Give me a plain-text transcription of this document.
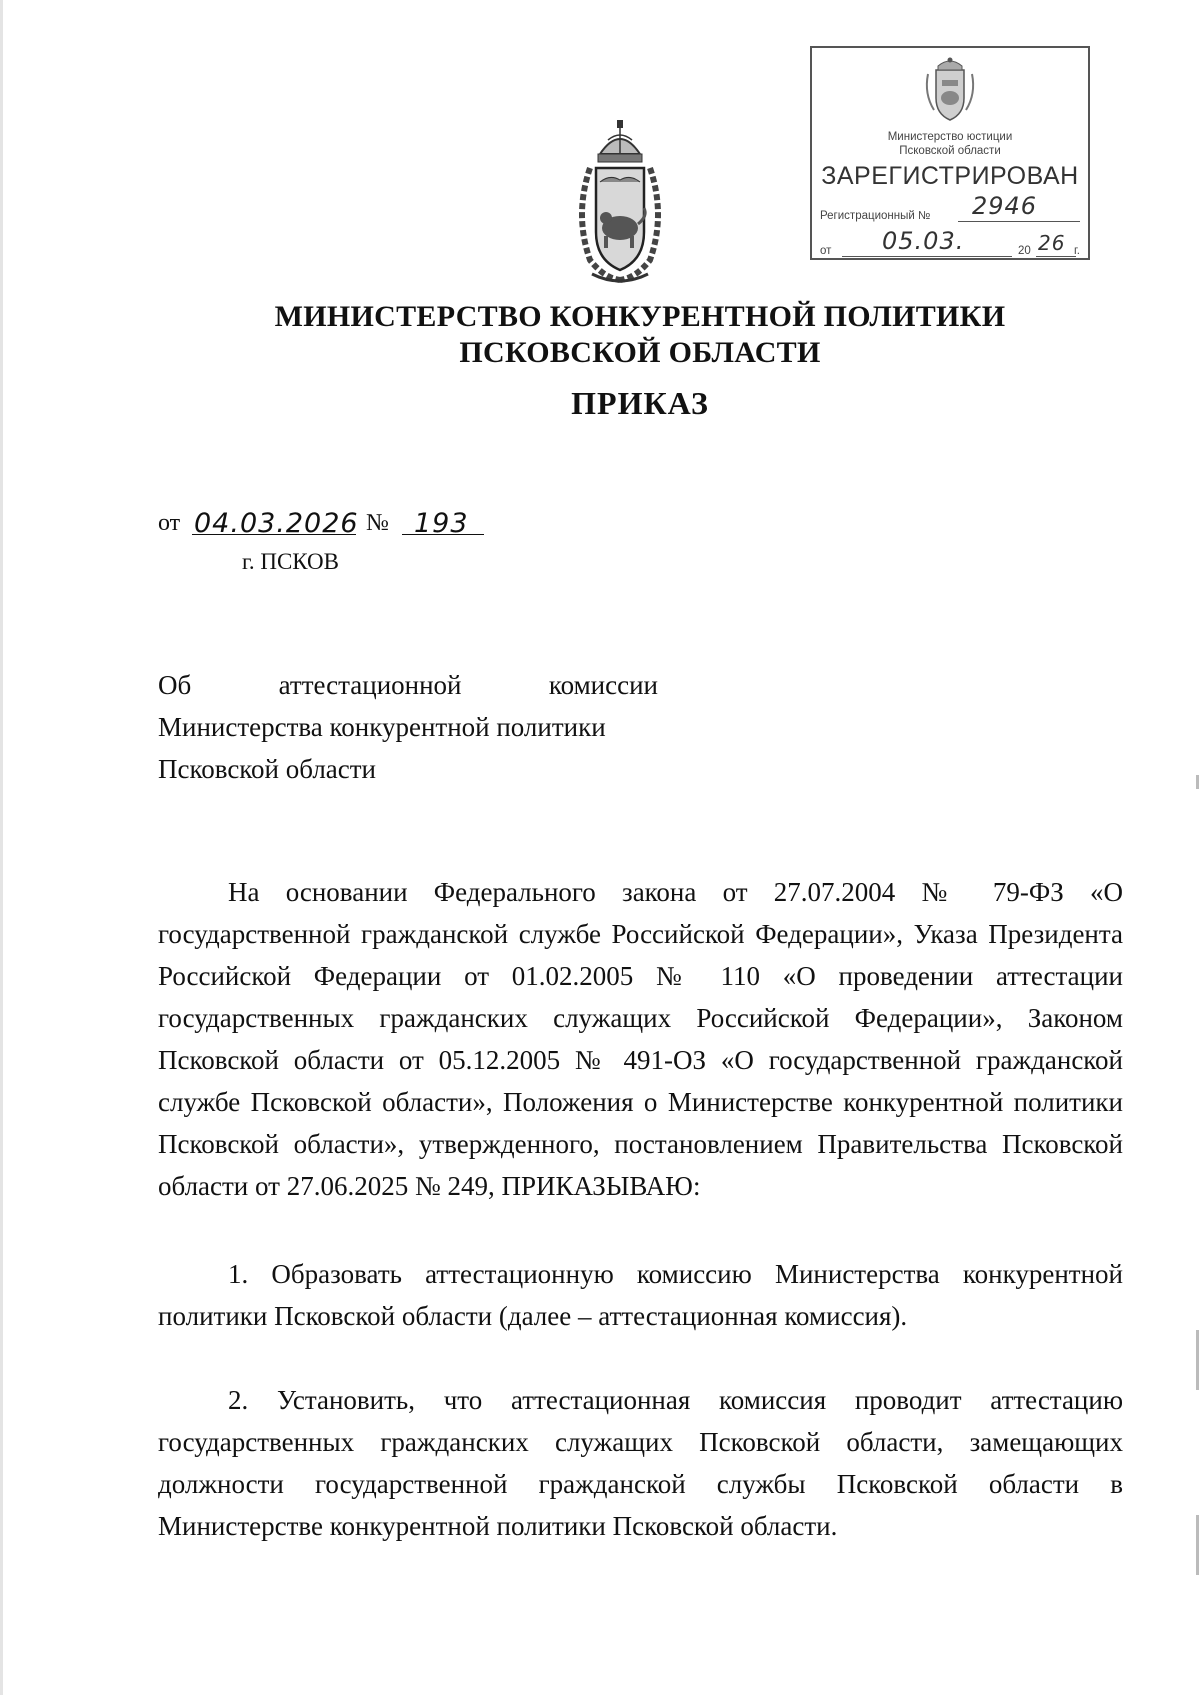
Министерство юстиции
Псковской области
ЗАРЕГИСТРИРОВАН
Регистрационный № 2946
от 05.03.	20 26 г.
МИНИСТЕРСТВО КОНКУРЕНТНОЙ ПОЛИТИКИ
ПСКОВСКОЙ ОБЛАСТИ
ПРИКАЗ
от 04.03.2026 № 193
г. ПСКОВ
Об	аттестационной	комиссии
Министерства конкурентной политики
Псковской области
На основании Федерального закона от 27.07.2004 № 79-ФЗ «О государственной гражданской службе Российской Федерации», Указа Президента Российской Федерации от 01.02.2005 № 110 «О проведении аттестации государственных гражданских служащих Российской Федерации», Законом Псковской области от 05.12.2005 № 491-ОЗ «О государственной гражданской службе Псковской области», Положения о Министерстве конкурентной политики Псковской области», утвержденного, постановлением Правительства Псковской области от 27.06.2025 № 249, ПРИКАЗЫВАЮ:
1. Образовать аттестационную комиссию Министерства конкурентной политики Псковской области (далее – аттестационная комиссия).
2. Установить, что аттестационная комиссия проводит аттестацию государственных гражданских служащих Псковской области, замещающих должности государственной гражданской службы Псковской области в Министерстве конкурентной политики Псковской области.
